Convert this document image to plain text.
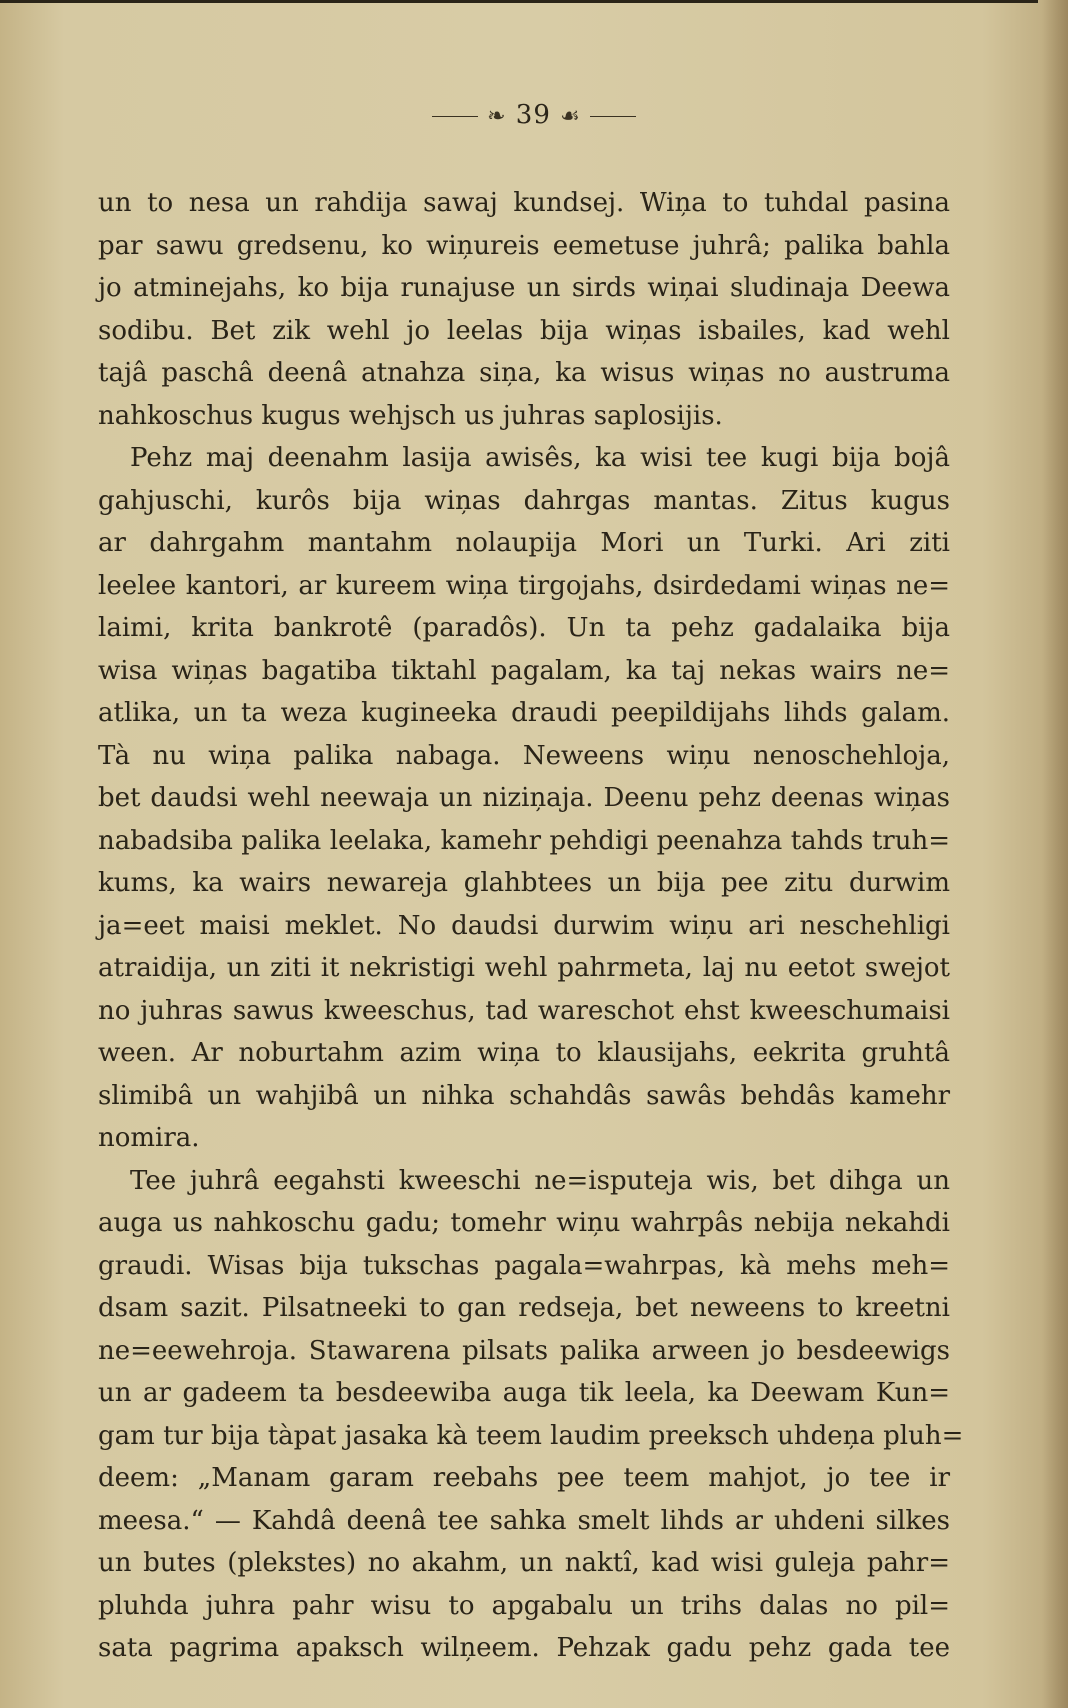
❧ 39 ☙
un to nesa un rahdija sawaj kundsej. Wiņa to tuhdal pasina
par sawu gredsenu, ko wiņureis eemetuse juhrâ; palika bahla
jo atminejahs, ko bija runajuse un sirds wiņai sludinaja Deewa
sodibu. Bet zik wehl jo leelas bija wiņas isbailes, kad wehl
tajâ paschâ deenâ atnahza siņa, ka wisus wiņas no austruma
nahkoschus kugus wehjsch us juhras saplosijis.
Pehz maj deenahm lasija awisês, ka wisi tee kugi bija bojâ
gahjuschi, kurôs bija wiņas dahrgas mantas. Zitus kugus
ar dahrgahm mantahm nolaupija Mori un Turki. Ari ziti
leelee kantori, ar kureem wiņa tirgojahs, dsirdedami wiņas ne=
laimi, krita bankrotê (paradôs). Un ta pehz gadalaika bija
wisa wiņas bagatiba tiktahl pagalam, ka taj nekas wairs ne=
atlika, un ta weza kugineeka draudi peepildijahs lihds galam.
Tà nu wiņa palika nabaga. Neweens wiņu nenoschehloja,
bet daudsi wehl neewaja un niziņaja. Deenu pehz deenas wiņas
nabadsiba palika leelaka, kamehr pehdigi peenahza tahds truh=
kums, ka wairs newareja glahbtees un bija pee zitu durwim
ja=eet maisi meklet. No daudsi durwim wiņu ari neschehligi
atraidija, un ziti it nekristigi wehl pahrmeta, laj nu eetot swejot
no juhras sawus kweeschus, tad wareschot ehst kweeschumaisi
ween. Ar noburtahm azim wiņa to klausijahs, eekrita gruhtâ
slimibâ un wahjibâ un nihka schahdâs sawâs behdâs kamehr
nomira.
Tee juhrâ eegahsti kweeschi ne=isputeja wis, bet dihga un
auga us nahkoschu gadu; tomehr wiņu wahrpâs nebija nekahdi
graudi. Wisas bija tukschas pagala=wahrpas, kà mehs meh=
dsam sazit. Pilsatneeki to gan redseja, bet neweens to kreetni
ne=eewehroja. Stawarena pilsats palika arween jo besdeewigs
un ar gadeem ta besdeewiba auga tik leela, ka Deewam Kun=
gam tur bija tàpat jasaka kà teem laudim preeksch uhdeņa pluh=
deem: „Manam garam reebahs pee teem mahjot, jo tee ir
meesa.“ — Kahdâ deenâ tee sahka smelt lihds ar uhdeni silkes
un butes (plekstes) no akahm, un naktî, kad wisi guleja pahr=
pluhda juhra pahr wisu to apgabalu un trihs dalas no pil=
sata pagrima apaksch wilņeem. Pehzak gadu pehz gada tee
